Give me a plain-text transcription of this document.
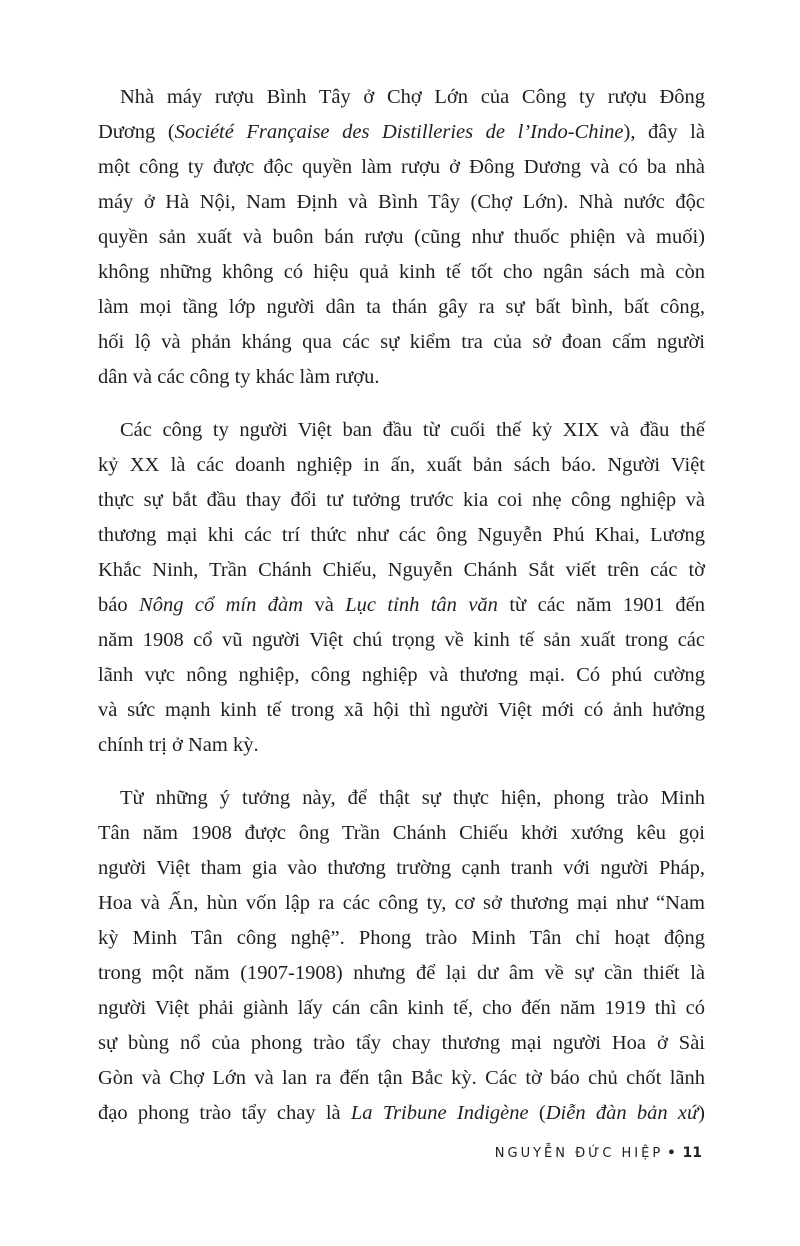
Nhà máy rượu Bình Tây ở Chợ Lớn của Công ty rượu Đông
Dương (Société Française des Distilleries de l’Indo-Chine), đây là
một công ty được độc quyền làm rượu ở Đông Dương và có ba nhà
máy ở Hà Nội, Nam Định và Bình Tây (Chợ Lớn). Nhà nước độc
quyền sản xuất và buôn bán rượu (cũng như thuốc phiện và muối)
không những không có hiệu quả kinh tế tốt cho ngân sách mà còn
làm mọi tầng lớp người dân ta thán gây ra sự bất bình, bất công,
hối lộ và phản kháng qua các sự kiểm tra của sở đoan cấm người
dân và các công ty khác làm rượu.
Các công ty người Việt ban đầu từ cuối thế kỷ XIX và đầu thế
kỷ XX là các doanh nghiệp in ấn, xuất bản sách báo. Người Việt
thực sự bắt đầu thay đổi tư tưởng trước kia coi nhẹ công nghiệp và
thương mại khi các trí thức như các ông Nguyễn Phú Khai, Lương
Khắc Ninh, Trần Chánh Chiếu, Nguyễn Chánh Sắt viết trên các tờ
báo Nông cổ mín đàm và Lục tỉnh tân văn từ các năm 1901 đến
năm 1908 cổ vũ người Việt chú trọng về kinh tế sản xuất trong các
lãnh vực nông nghiệp, công nghiệp và thương mại. Có phú cường
và sức mạnh kinh tế trong xã hội thì người Việt mới có ảnh hưởng
chính trị ở Nam kỳ.
Từ những ý tưởng này, để thật sự thực hiện, phong trào Minh
Tân năm 1908 được ông Trần Chánh Chiếu khởi xướng kêu gọi
người Việt tham gia vào thương trường cạnh tranh với người Pháp,
Hoa và Ấn, hùn vốn lập ra các công ty, cơ sở thương mại như “Nam
kỳ Minh Tân công nghệ”. Phong trào Minh Tân chỉ hoạt động
trong một năm (1907-1908) nhưng để lại dư âm về sự cần thiết là
người Việt phải giành lấy cán cân kinh tế, cho đến năm 1919 thì có
sự bùng nổ của phong trào tẩy chay thương mại người Hoa ở Sài
Gòn và Chợ Lớn và lan ra đến tận Bắc kỳ. Các tờ báo chủ chốt lãnh
đạo phong trào tẩy chay là La Tribune Indigène (Diễn đàn bản xứ)
NGUYỄN ĐỨC HIỆP • 11
